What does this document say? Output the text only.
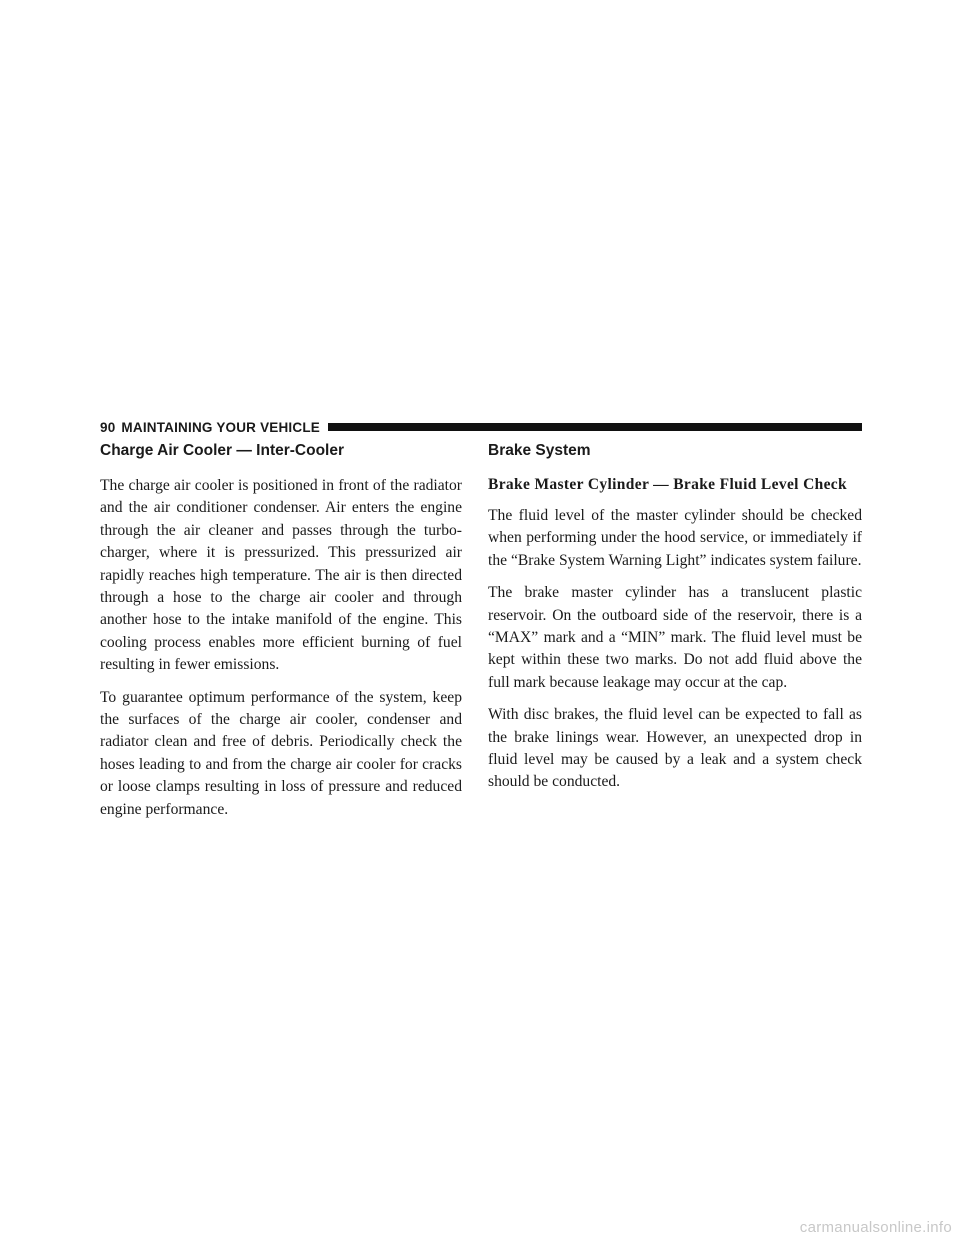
90 MAINTAINING YOUR VEHICLE
Charge Air Cooler — Inter-Cooler

The charge air cooler is positioned in front of the radiator and the air conditioner condenser. Air enters the engine through the air cleaner and passes through the turbo-charger, where it is pressurized. This pressurized air rapidly reaches high temperature. The air is then directed through a hose to the charge air cooler and through another hose to the intake manifold of the engine. This cooling process enables more efficient burning of fuel resulting in fewer emissions.

To guarantee optimum performance of the system, keep the surfaces of the charge air cooler, condenser and radiator clean and free of debris. Periodically check the hoses leading to and from the charge air cooler for cracks or loose clamps resulting in loss of pressure and reduced engine performance.

Brake System
Brake Master Cylinder — Brake Fluid Level Check

The fluid level of the master cylinder should be checked when performing under the hood service, or immediately if the “Brake System Warning Light” indicates system failure.

The brake master cylinder has a translucent plastic reservoir. On the outboard side of the reservoir, there is a “MAX” mark and a “MIN” mark. The fluid level must be kept within these two marks. Do not add fluid above the full mark because leakage may occur at the cap.

With disc brakes, the fluid level can be expected to fall as the brake linings wear. However, an unexpected drop in fluid level may be caused by a leak and a system check should be conducted.

carmanualsonline.info
